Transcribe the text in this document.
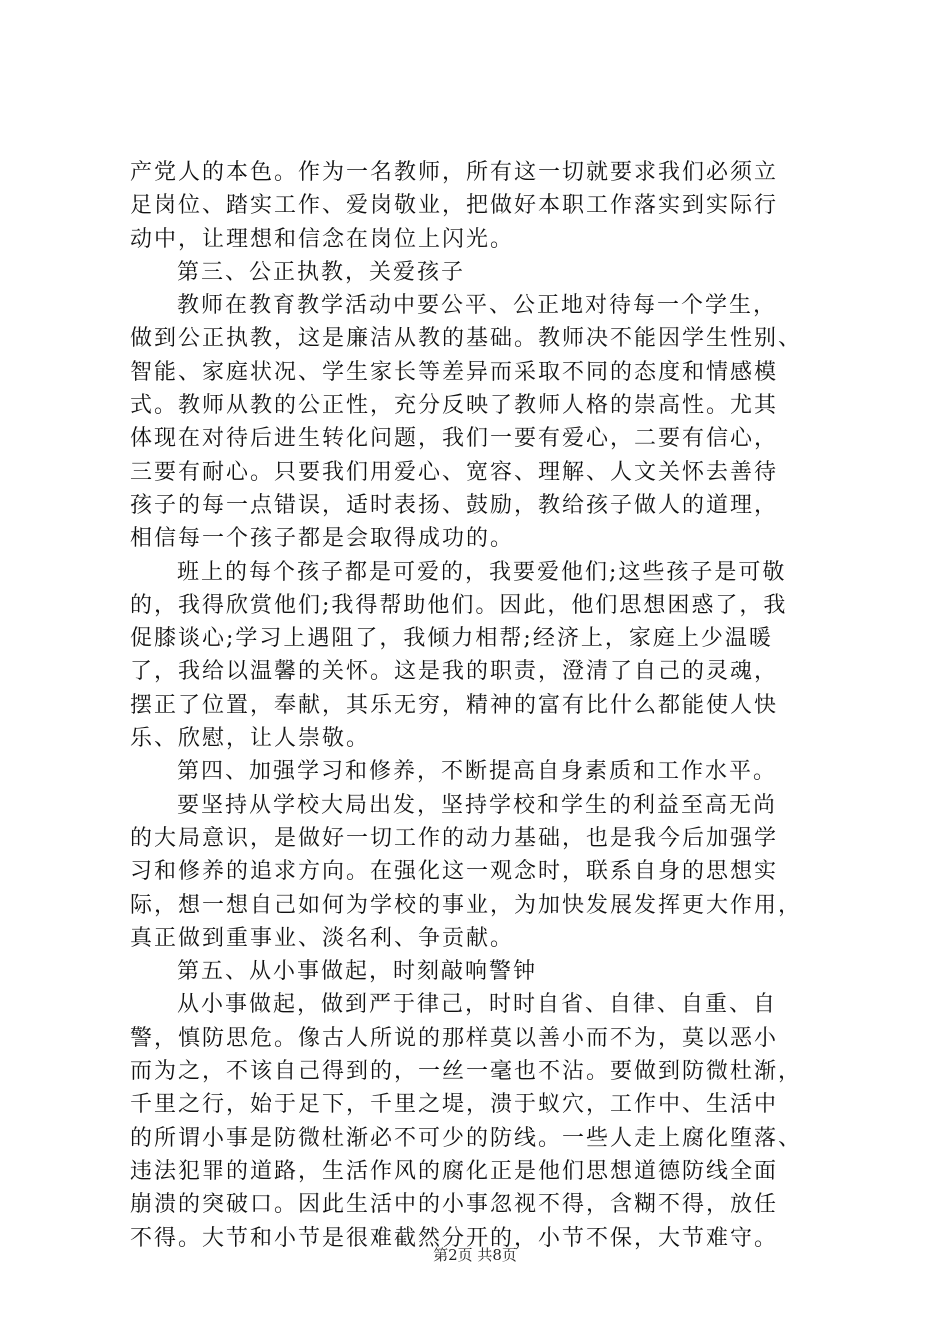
产党人的本色。作为一名教师，所有这一切就要求我们必须立
足岗位、踏实工作、爱岗敬业，把做好本职工作落实到实际行
动中，让理想和信念在岗位上闪光。
第三、公正执教，关爱孩子
教师在教育教学活动中要公平、公正地对待每一个学生，
做到公正执教，这是廉洁从教的基础。教师决不能因学生性别、
智能、家庭状况、学生家长等差异而采取不同的态度和情感模
式。教师从教的公正性，充分反映了教师人格的崇高性。尤其
体现在对待后进生转化问题，我们一要有爱心，二要有信心，
三要有耐心。只要我们用爱心、宽容、理解、人文关怀去善待
孩子的每一点错误，适时表扬、鼓励，教给孩子做人的道理，
相信每一个孩子都是会取得成功的。
班上的每个孩子都是可爱的，我要爱他们;这些孩子是可敬
的，我得欣赏他们;我得帮助他们。因此，他们思想困惑了，我
促膝谈心;学习上遇阻了，我倾力相帮;经济上，家庭上少温暖
了，我给以温馨的关怀。这是我的职责，澄清了自己的灵魂，
摆正了位置，奉献，其乐无穷，精神的富有比什么都能使人快
乐、欣慰，让人崇敬。
第四、加强学习和修养，不断提高自身素质和工作水平。
要坚持从学校大局出发，坚持学校和学生的利益至高无尚
的大局意识，是做好一切工作的动力基础，也是我今后加强学
习和修养的追求方向。在强化这一观念时，联系自身的思想实
际，想一想自己如何为学校的事业，为加快发展发挥更大作用，
真正做到重事业、淡名利、争贡献。
第五、从小事做起，时刻敲响警钟
从小事做起，做到严于律己，时时自省、自律、自重、自
警，慎防思危。像古人所说的那样莫以善小而不为，莫以恶小
而为之，不该自己得到的，一丝一毫也不沾。要做到防微杜渐，
千里之行，始于足下，千里之堤，溃于蚁穴，工作中、生活中
的所谓小事是防微杜渐必不可少的防线。一些人走上腐化堕落、
违法犯罪的道路，生活作风的腐化正是他们思想道德防线全面
崩溃的突破口。因此生活中的小事忽视不得，含糊不得，放任
不得。大节和小节是很难截然分开的，小节不保，大节难守。
第2页 共8页
